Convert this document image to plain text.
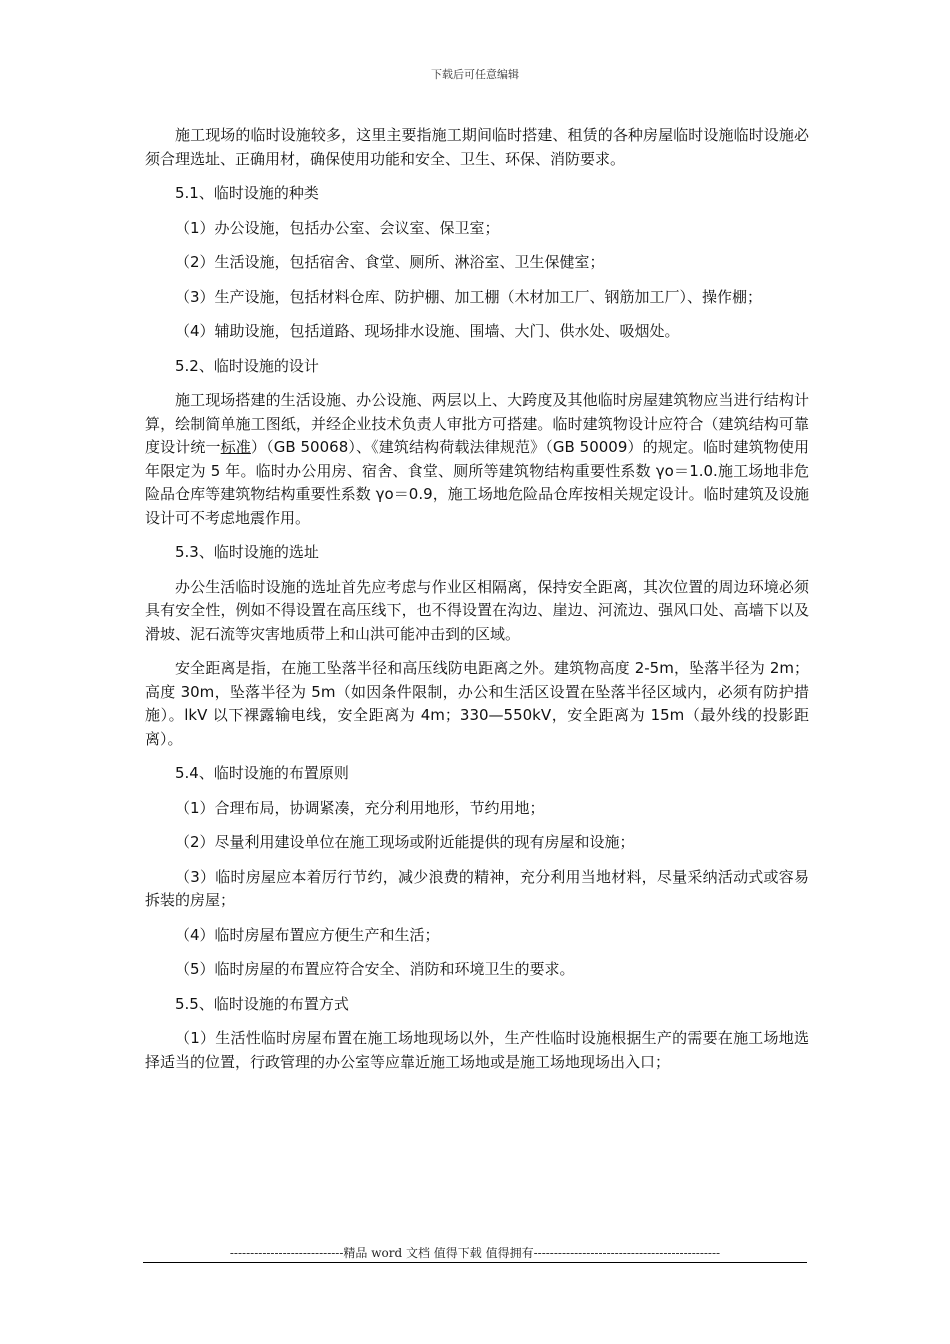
下载后可任意编辑

施工现场的临时设施较多，这里主要指施工期间临时搭建、租赁的各种房屋临时设施临时设施必须合理选址、正确用材，确保使用功能和安全、卫生、环保、消防要求。

5.1、临时设施的种类

（1）办公设施，包括办公室、会议室、保卫室；

（2）生活设施，包括宿舍、食堂、厕所、淋浴室、卫生保健室；

（3）生产设施，包括材料仓库、防护棚、加工棚（木材加工厂、钢筋加工厂）、操作棚；

（4）辅助设施，包括道路、现场排水设施、围墙、大门、供水处、吸烟处。

5.2、临时设施的设计

施工现场搭建的生活设施、办公设施、两层以上、大跨度及其他临时房屋建筑物应当进行结构计算，绘制简单施工图纸，并经企业技术负责人审批方可搭建。临时建筑物设计应符合（建筑结构可靠度设计统一标准）（GB 50068）、《建筑结构荷载法律规范》（GB 50009）的规定。临时建筑物使用年限定为 5 年。临时办公用房、宿舍、食堂、厕所等建筑物结构重要性系数 γo＝1.0.施工场地非危险品仓库等建筑物结构重要性系数 γo＝0.9，施工场地危险品仓库按相关规定设计。临时建筑及设施设计可不考虑地震作用。

5.3、临时设施的选址

办公生活临时设施的选址首先应考虑与作业区相隔离，保持安全距离，其次位置的周边环境必须具有安全性，例如不得设置在高压线下，也不得设置在沟边、崖边、河流边、强风口处、高墙下以及滑坡、泥石流等灾害地质带上和山洪可能冲击到的区域。

安全距离是指，在施工坠落半径和高压线防电距离之外。建筑物高度 2-5m，坠落半径为 2m；高度 30m，坠落半径为 5m（如因条件限制，办公和生活区设置在坠落半径区域内，必须有防护措施）。lkV 以下裸露输电线，安全距离为 4m；330—550kV，安全距离为 15m（最外线的投影距离）。

5.4、临时设施的布置原则

（1）合理布局，协调紧凑，充分利用地形，节约用地；

（2）尽量利用建设单位在施工现场或附近能提供的现有房屋和设施；

（3）临时房屋应本着厉行节约，减少浪费的精神，充分利用当地材料，尽量采纳活动式或容易拆装的房屋；

（4）临时房屋布置应方便生产和生活；

（5）临时房屋的布置应符合安全、消防和环境卫生的要求。

5.5、临时设施的布置方式

（1）生活性临时房屋布置在施工场地现场以外，生产性临时设施根据生产的需要在施工场地选择适当的位置，行政管理的办公室等应靠近施工场地或是施工场地现场出入口；

----------------------------精品 word 文档 值得下载 值得拥有----------------------------------------------
